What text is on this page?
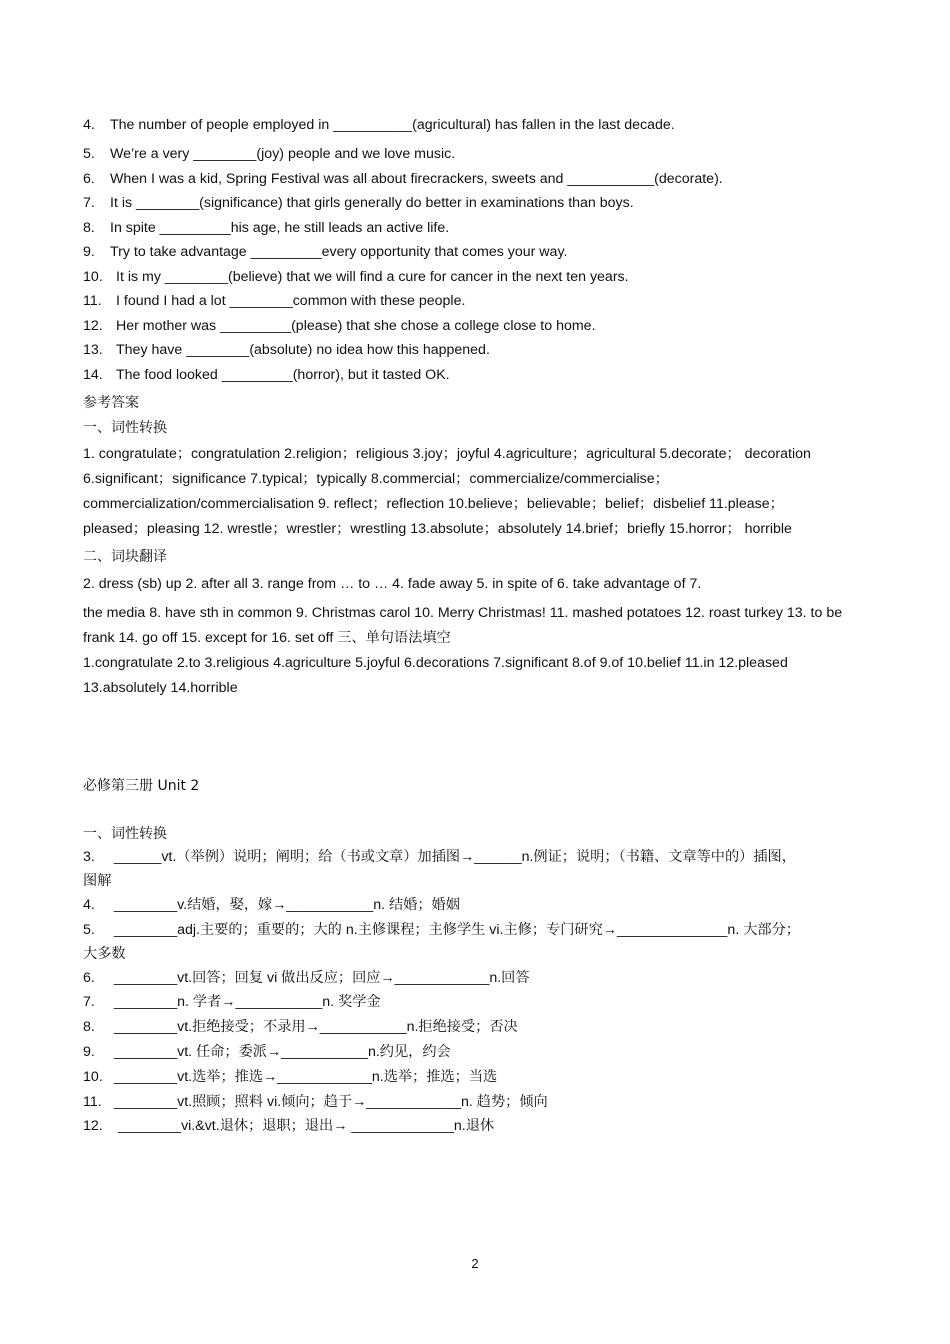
4. The number of people employed in __________(agricultural) has fallen in the last decade.
5. We’re a very ________(joy) people and we love music.
6. When I was a kid, Spring Festival was all about firecrackers, sweets and ___________(decorate).
7. It is ________(significance) that girls generally do better in examinations than boys.
8. In spite _________his age, he still leads an active life.
9. Try to take advantage _________every opportunity that comes your way.
10. It is my ________(believe) that we will find a cure for cancer in the next ten years.
11. I found I had a lot ________common with these people.
12. Her mother was _________(please) that she chose a college close to home.
13. They have ________(absolute) no idea how this happened.
14. The food looked _________(horror), but it tasted OK.
参考答案
一、词性转换
1. congratulate；congratulation 2.religion；religious 3.joy；joyful 4.agriculture；agricultural 5.decorate； decoration
6.significant；significance 7.typical；typically 8.commercial；commercialize/commercialise；
commercialization/commercialisation 9. reflect；reflection 10.believe；believable；belief；disbelief 11.please；
pleased；pleasing 12. wrestle；wrestler；wrestling 13.absolute；absolutely 14.brief；briefly 15.horror； horrible
二、词块翻译
2. dress (sb) up 2. after all 3. range from … to … 4. fade away 5. in spite of 6. take advantage of 7.
the media 8. have sth in common 9. Christmas carol 10. Merry Christmas! 11. mashed potatoes 12. roast turkey 13. to be
frank 14. go off 15. except for 16. set off 三、单句语法填空
1.congratulate 2.to 3.religious 4.agriculture 5.joyful 6.decorations 7.significant 8.of 9.of 10.belief 11.in 12.pleased
13.absolutely 14.horrible
必修第三册 Unit 2
一、词性转换
3. ______vt.（举例）说明；阐明；给（书或文章）加插图→______n.例证；说明；（书籍、文章等中的）插图，
图解
4. ________v.结婚，娶，嫁→___________n. 结婚；婚姻
5. ________adj.主要的；重要的；大的 n.主修课程；主修学生 vi.主修；专门研究→______________n. 大部分；
大多数
6. ________vt.回答；回复 vi 做出反应；回应→____________n.回答
7. ________n. 学者→___________n. 奖学金
8. ________vt.拒绝接受；不录用→___________n.拒绝接受；否决
9. ________vt. 任命；委派→___________n.约见，约会
10. ________vt.选举；推选→____________n.选举；推选；当选
11. ________vt.照顾；照料 vi.倾向；趋于→____________n. 趋势；倾向
12. ________vi.&vt.退休；退职；退出→ _____________n.退休
2
